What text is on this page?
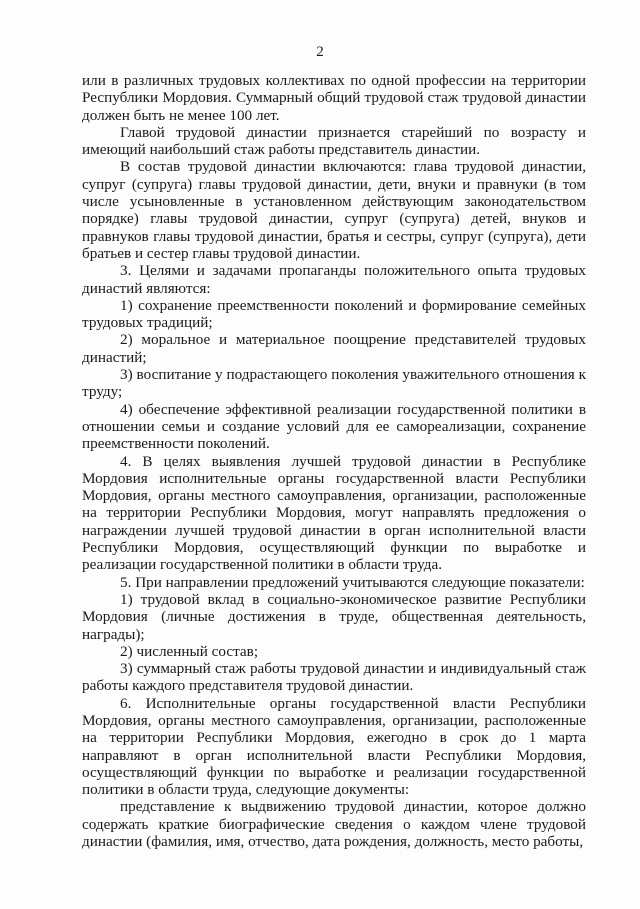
2

или в различных трудовых коллективах по одной профессии на территории Республики Мордовия. Суммарный общий трудовой стаж трудовой династии должен быть не менее 100 лет.

Главой трудовой династии признается старейший по возрасту и имеющий наибольший стаж работы представитель династии.

В состав трудовой династии включаются: глава трудовой династии, супруг (супруга) главы трудовой династии, дети, внуки и правнуки (в том числе усыновленные в установленном действующим законодательством порядке) главы трудовой династии, супруг (супруга) детей, внуков и правнуков главы трудовой династии, братья и сестры, супруг (супруга), дети братьев и сестер главы трудовой династии.

3. Целями и задачами пропаганды положительного опыта трудовых династий являются:

1) сохранение преемственности поколений и формирование семейных трудовых традиций;

2) моральное и материальное поощрение представителей трудовых династий;

3) воспитание у подрастающего поколения уважительного отношения к труду;

4) обеспечение эффективной реализации государственной политики в отношении семьи и создание условий для ее самореализации, сохранение преемственности поколений.

4. В целях выявления лучшей трудовой династии в Республике Мордовия исполнительные органы государственной власти Республики Мордовия, органы местного самоуправления, организации, расположенные на территории Республики Мордовия, могут направлять предложения о награждении лучшей трудовой династии в орган исполнительной власти Республики Мордовия, осуществляющий функции по выработке и реализации государственной политики в области труда.

5. При направлении предложений учитываются следующие показатели:

1) трудовой вклад в социально-экономическое развитие Республики Мордовия (личные достижения в труде, общественная деятельность, награды);

2) численный состав;

3) суммарный стаж работы трудовой династии и индивидуальный стаж работы каждого представителя трудовой династии.

6. Исполнительные органы государственной власти Республики Мордовия, органы местного самоуправления, организации, расположенные на территории Республики Мордовия, ежегодно в срок до 1 марта направляют в орган исполнительной власти Республики Мордовия, осуществляющий функции по выработке и реализации государственной политики в области труда, следующие документы:

представление к выдвижению трудовой династии, которое должно содержать краткие биографические сведения о каждом члене трудовой династии (фамилия, имя, отчество, дата рождения, должность, место работы,
